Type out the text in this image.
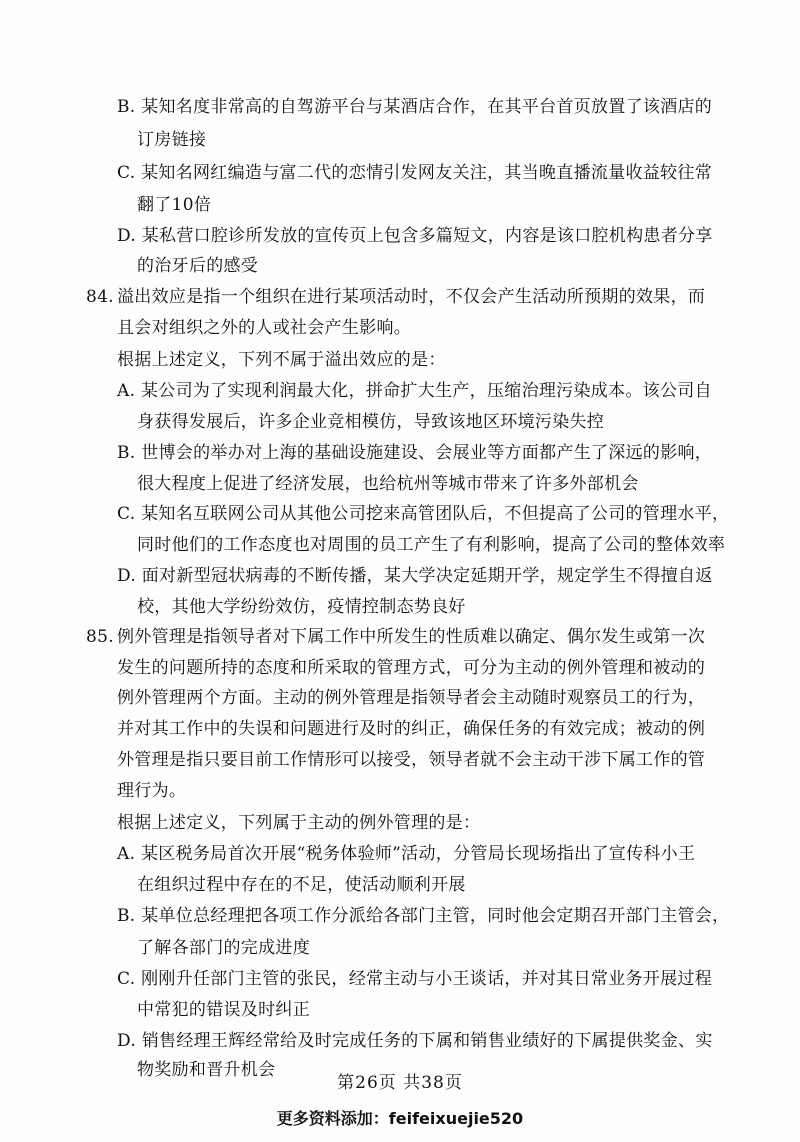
B. 某知名度非常高的自驾游平台与某酒店合作，在其平台首页放置了该酒店的
订房链接
C. 某知名网红编造与富二代的恋情引发网友关注，其当晚直播流量收益较往常
翻了10倍
D. 某私营口腔诊所发放的宣传页上包含多篇短文，内容是该口腔机构患者分享
的治牙后的感受
84. 溢出效应是指一个组织在进行某项活动时，不仅会产生活动所预期的效果，而
且会对组织之外的人或社会产生影响。
根据上述定义，下列不属于溢出效应的是：
A. 某公司为了实现利润最大化，拼命扩大生产，压缩治理污染成本。该公司自
身获得发展后，许多企业竞相模仿，导致该地区环境污染失控
B. 世博会的举办对上海的基础设施建设、会展业等方面都产生了深远的影响，
很大程度上促进了经济发展，也给杭州等城市带来了许多外部机会
C. 某知名互联网公司从其他公司挖来高管团队后，不但提高了公司的管理水平，
同时他们的工作态度也对周围的员工产生了有利影响，提高了公司的整体效率
D. 面对新型冠状病毒的不断传播，某大学决定延期开学，规定学生不得擅自返
校，其他大学纷纷效仿，疫情控制态势良好
85. 例外管理是指领导者对下属工作中所发生的性质难以确定、偶尔发生或第一次
发生的问题所持的态度和所采取的管理方式，可分为主动的例外管理和被动的
例外管理两个方面。主动的例外管理是指领导者会主动随时观察员工的行为，
并对其工作中的失误和问题进行及时的纠正，确保任务的有效完成；被动的例
外管理是指只要目前工作情形可以接受，领导者就不会主动干涉下属工作的管
理行为。
根据上述定义，下列属于主动的例外管理的是：
A. 某区税务局首次开展“税务体验师”活动，分管局长现场指出了宣传科小王
在组织过程中存在的不足，使活动顺利开展
B. 某单位总经理把各项工作分派给各部门主管，同时他会定期召开部门主管会，
了解各部门的完成进度
C. 刚刚升任部门主管的张民，经常主动与小王谈话，并对其日常业务开展过程
中常犯的错误及时纠正
D. 销售经理王辉经常给及时完成任务的下属和销售业绩好的下属提供奖金、实
物奖励和晋升机会
第26页 共38页
更多资料添加：feifeixuejie520
